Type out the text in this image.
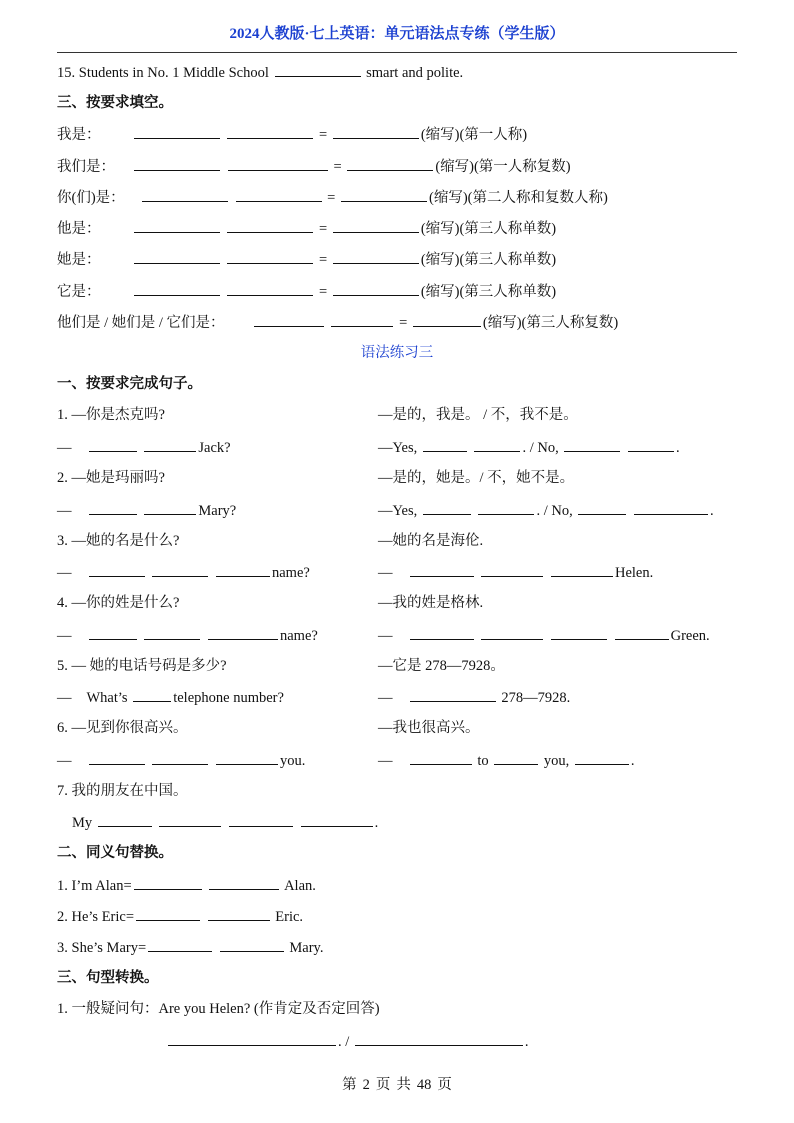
2024人教版·七上英语：单元语法点专练（学生版）
15. Students in No. 1 Middle School	smart and polite.
三、按要求填空。
我是：	=	(缩写)(第一人称)
我们是：	=	(缩写)(第一人称复数)
你(们)是：	=	(缩写)(第二人称和复数人称)
他是：	=	(缩写)(第三人称单数)
她是：	=	(缩写)(第三人称单数)
它是：	=	(缩写)(第三人称单数)
他们是 / 她们是 / 它们是：	=	(缩写)(第三人称复数)
语法练习三
一、按要求完成句子。
1. —你是杰克吗?	—是的，我是。 / 不，我不是。
—	Jack?	—Yes,	. / No,	.
2. —她是玛丽吗?	—是的，她是。/ 不，她不是。
—	Mary?	—Yes,	. / No,	.
3. —她的名是什么?	—她的名是海伦.
—	name?	—	Helen.
4. —你的姓是什么?	—我的姓是格林.
—	name?	—	Green.
5. — 她的电话号码是多少?	—它是 278—7928。
— What’s	telephone number?	—	278—7928.
6. —见到你很高兴。	—我也很高兴。
—	you.	—	to	you,	.
7. 我的朋友在中国。
My	.
二、同义句替换。
1. I’m Alan=	Alan.
2. He’s Eric=	Eric.
3. She’s Mary=	Mary.
三、句型转换。
1. 一般疑问句：Are you Helen? (作肯定及否定回答)
. /	.
第 2 页 共 48 页
